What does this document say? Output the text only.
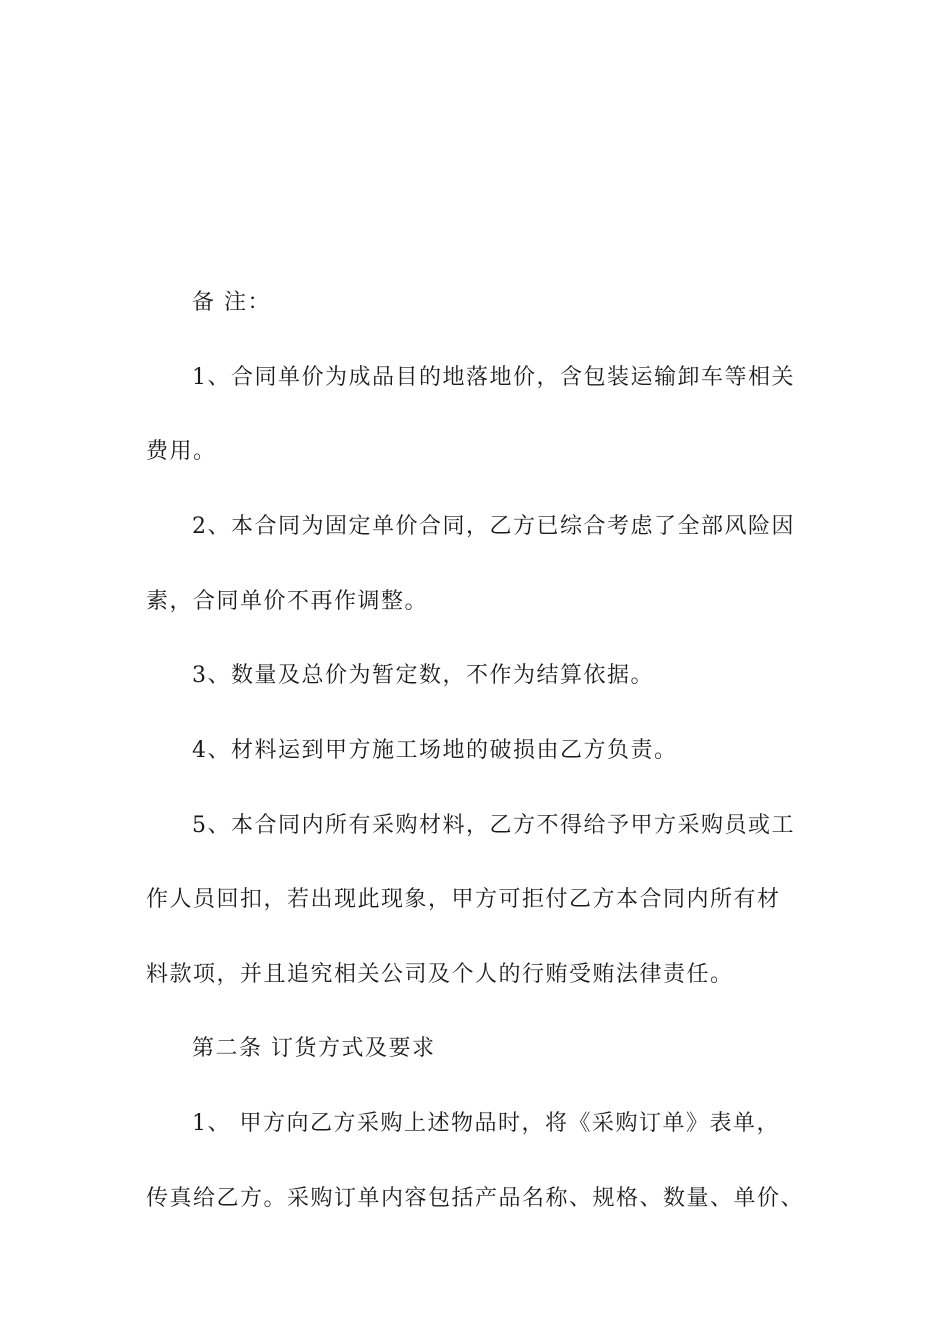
备 注：
1、合同单价为成品目的地落地价，含包装运输卸车等相关
费用。
2、本合同为固定单价合同，乙方已综合考虑了全部风险因
素，合同单价不再作调整。
3、数量及总价为暂定数，不作为结算依据。
4、材料运到甲方施工场地的破损由乙方负责。
5、本合同内所有采购材料，乙方不得给予甲方采购员或工
作人员回扣，若出现此现象，甲方可拒付乙方本合同内所有材
料款项，并且追究相关公司及个人的行贿受贿法律责任。
第二条 订货方式及要求
1、 甲方向乙方采购上述物品时，将《采购订单》表单，
传真给乙方。采购订单内容包括产品名称、规格、数量、单价、
